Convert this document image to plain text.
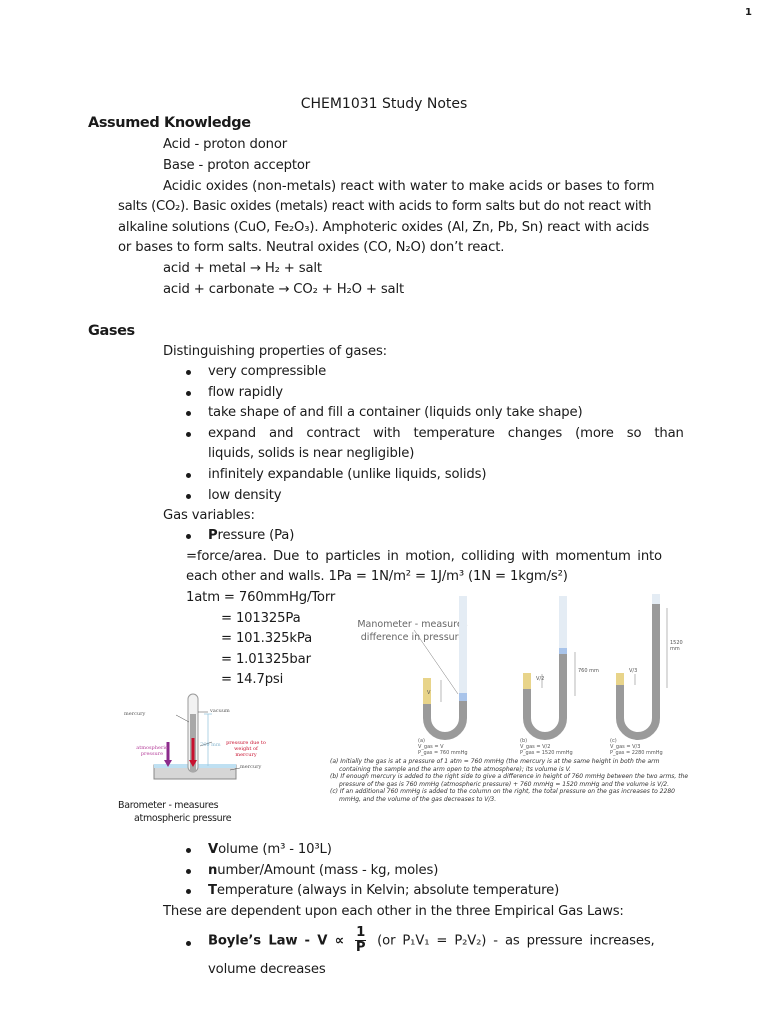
1
CHEM1031 Study Notes
Assumed Knowledge
Acid - proton donor
Base - proton acceptor
Acidic oxides (non-metals) react with water to make acids or bases to form
salts (CO₂). Basic oxides (metals) react with acids to form salts but do not react with
alkaline solutions (CuO, Fe₂O₃). Amphoteric oxides (Al, Zn, Pb, Sn) react with acids
or bases to form salts. Neutral oxides (CO, N₂O) don’t react.
acid + metal → H₂ + salt
acid + carbonate → CO₂ + H₂O + salt
Gases
Distinguishing properties of gases:
very compressible
flow rapidly
take shape of and fill a container (liquids only take shape)
expand and contract with temperature changes (more so than
liquids, solids is near negligible)
infinitely expandable (unlike liquids, solids)
low density
Gas variables:
Pressure (Pa)
=force/area. Due to particles in motion, colliding with momentum into
each other and walls. 1Pa = 1N/m² = 1J/m³ (1N = 1kgm/s²)
1atm = 760mmHg/Torr
= 101325Pa
= 101.325kPa
= 1.01325bar
= 14.7psi
mercury	vacuum
atmospheric pressure
760 mm	pressure due to weight of mercury
mercury
Barometer - measures
atmospheric pressure
Manometer - measures
difference in pressure
V
V/2
V/3
760 mm
1520 mm
(a)
V_gas = V
P_gas = 760 mmHg
(b)
V_gas = V/2
P_gas = 1520 mmHg
(c)
V_gas = V/3
P_gas = 2280 mmHg
(a) Initially the gas is at a pressure of 1 atm = 760 mmHg (the mercury is at the same height in both the arm
containing the sample and the arm open to the atmosphere); its volume is V.
(b) If enough mercury is added to the right side to give a difference in height of 760 mmHg between the two arms, the
pressure of the gas is 760 mmHg (atmospheric pressure) + 760 mmHg = 1520 mmHg and the volume is V/2.
(c) If an additional 760 mmHg is added to the column on the right, the total pressure on the gas increases to 2280
mmHg, and the volume of the gas decreases to V/3.
Volume (m³ - 10³L)
number/Amount (mass - kg, moles)
Temperature (always in Kelvin; absolute temperature)
These are dependent upon each other in the three Empirical Gas Laws:
Boyle’s Law - $V \propto \frac{1}{P} (or$ P₁V₁ = P₂V₂) - as pressure increases,
volume decreases
